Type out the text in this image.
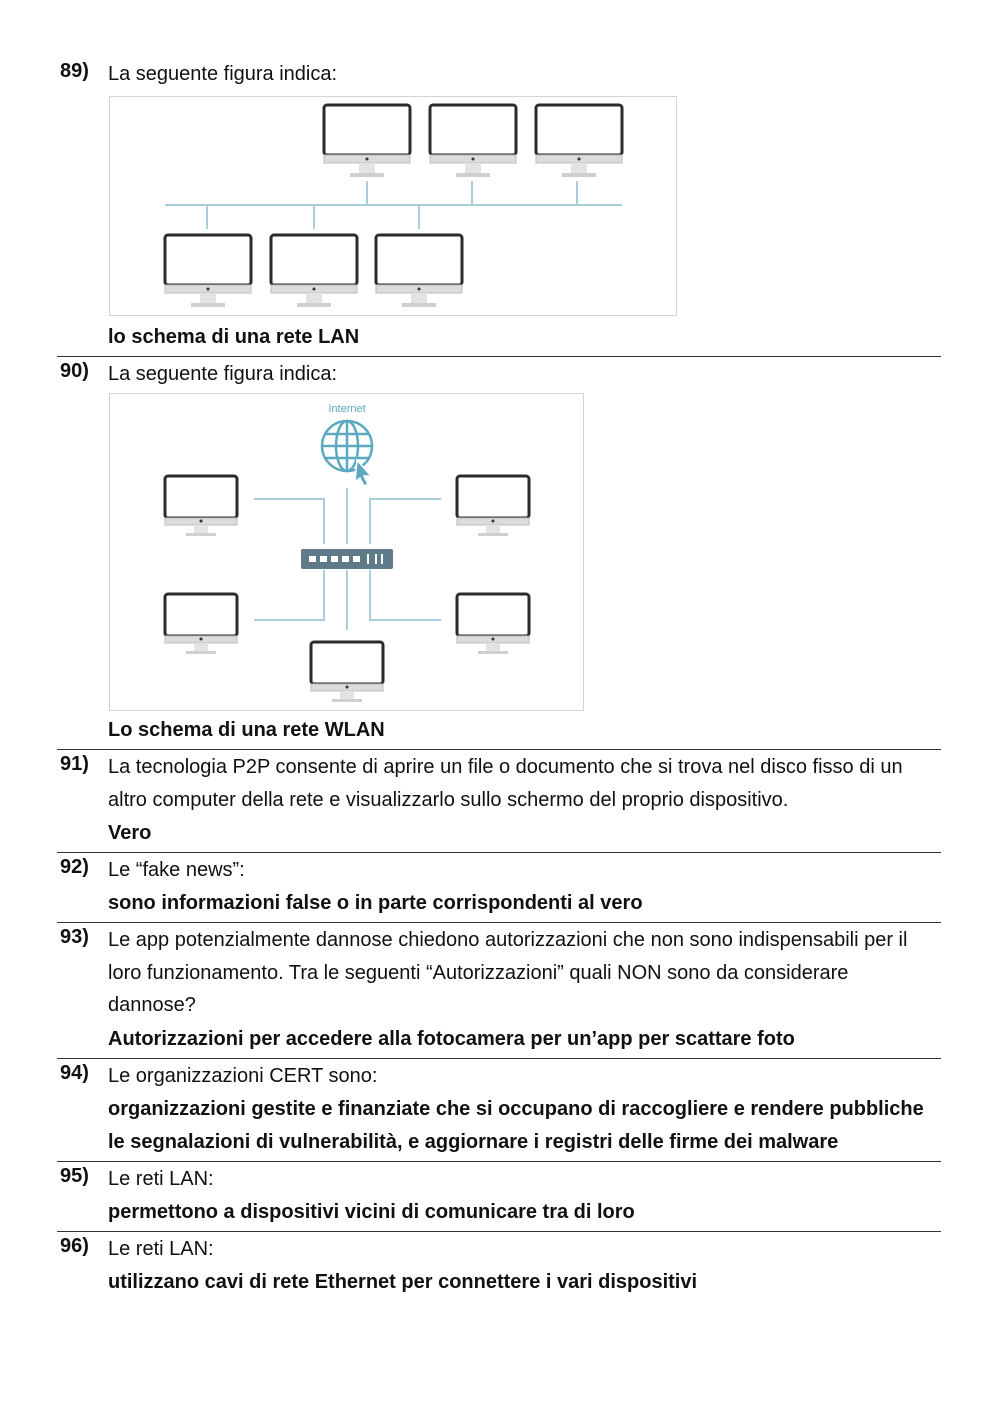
89) La seguente figura indica:
lo schema di una rete LAN
90) La seguente figura indica:
Internet
Lo schema di una rete WLAN
91) La tecnologia P2P consente di aprire un file o documento che si trova nel disco fisso di un altro computer della rete e visualizzarlo sullo schermo del proprio dispositivo.
Vero
92) Le “fake news”:
sono informazioni false o in parte corrispondenti al vero
93) Le app potenzialmente dannose chiedono autorizzazioni che non sono indispensabili per il loro funzionamento. Tra le seguenti “Autorizzazioni” quali NON sono da considerare dannose?
Autorizzazioni per accedere alla fotocamera per un’app per scattare foto
94) Le organizzazioni CERT sono:
organizzazioni gestite e finanziate che si occupano di raccogliere e rendere pubbliche le segnalazioni di vulnerabilità, e aggiornare i registri delle firme dei malware
95) Le reti LAN:
permettono a dispositivi vicini di comunicare tra di loro
96) Le reti LAN:
utilizzano cavi di rete Ethernet per connettere i vari dispositivi
